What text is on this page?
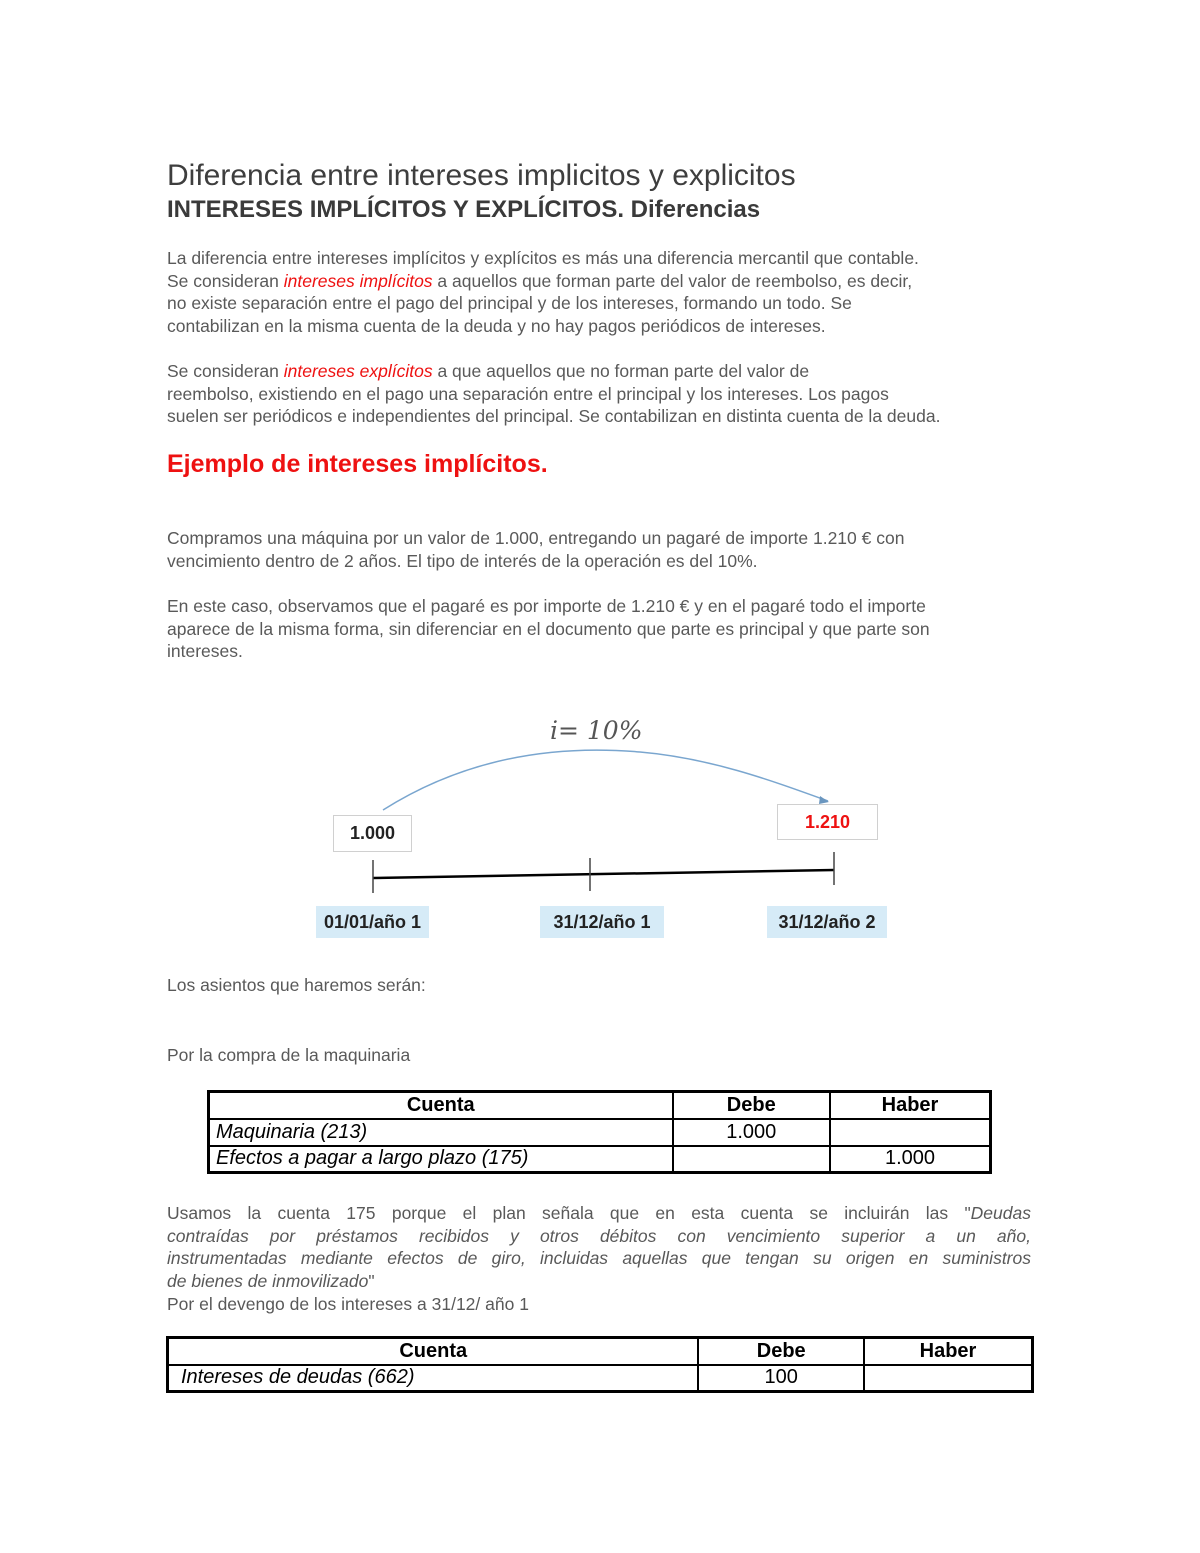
Diferencia entre intereses implicitos y explicitos
INTERESES IMPLÍCITOS Y EXPLÍCITOS. Diferencias
La diferencia entre intereses implícitos y explícitos es más una diferencia mercantil que contable.
Se consideran intereses implícitos a aquellos que forman parte del valor de reembolso, es decir,
no existe separación entre el pago del principal y de los intereses, formando un todo. Se
contabilizan en la misma cuenta de la deuda y no hay pagos periódicos de intereses.
Se consideran intereses explícitos a que aquellos que no forman parte del valor de
reembolso, existiendo en el pago una separación entre el principal y los intereses. Los pagos
suelen ser periódicos e independientes del principal. Se contabilizan en distinta cuenta de la deuda.
Ejemplo de intereses implícitos.
Compramos una máquina por un valor de 1.000, entregando un pagaré de importe 1.210 € con
vencimiento dentro de 2 años. El tipo de interés de la operación es del 10%.
En este caso, observamos que el pagaré es por importe de 1.210 € y en el pagaré todo el importe
aparece de la misma forma, sin diferenciar en el documento que parte es principal y que parte son
intereses.
i= 10%
1.000
1.210
01/01/año 1	31/12/año 1	31/12/año 2
Los asientos que haremos serán:
Por la compra de la maquinaria
Cuenta	Debe	Haber
Maquinaria (213)	1.000	
Efectos a pagar a largo plazo (175)		1.000
Usamos la cuenta 175 porque el plan señala que en esta cuenta se incluirán las "Deudas
contraídas por préstamos recibidos y otros débitos con vencimiento superior a un año,
instrumentadas mediante efectos de giro, incluidas aquellas que tengan su origen en suministros
de bienes de inmovilizado"
Por el devengo de los intereses a 31/12/ año 1
Cuenta	Debe	Haber
Intereses de deudas (662)	100	
